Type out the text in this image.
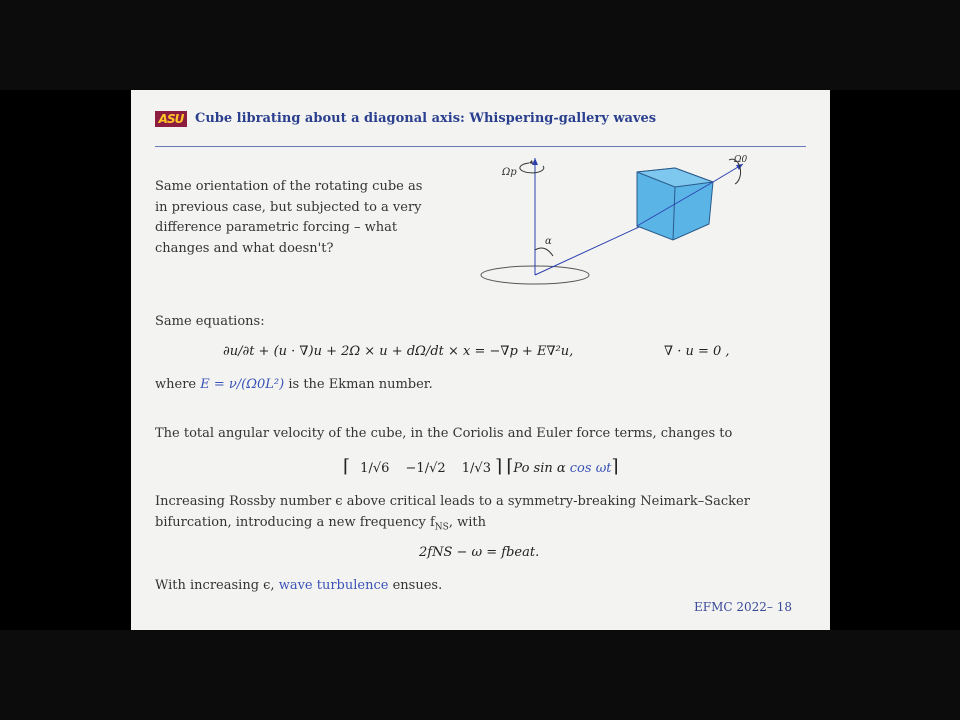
ASU Cube librating about a diagonal axis: Whispering-gallery waves
Same orientation of the rotating cube as in previous case, but subjected to a very difference parametric forcing – what changes and what doesn't?
Ωp
α
Ω0
Same equations:
∂u/∂t + (u · ∇)u + 2Ω × u + dΩ/dt × x = −∇p + E∇²u,	∇ · u = 0 ,
where E = ν/(Ω0L²) is the Ekman number.
The total angular velocity of the cube, in the Coriolis and Euler force terms, changes to
⌈ 1/√6 −1/√2 1/√3 ⌉ ⌈Po sin α cos ωt⌉
Increasing Rossby number ϵ above critical leads to a symmetry-breaking Neimark–Sacker
bifurcation, introducing a new frequency $f_{NS}$, with
2fNS − ω = fbeat.
With increasing ϵ, wave turbulence ensues.
EFMC 2022– 18
